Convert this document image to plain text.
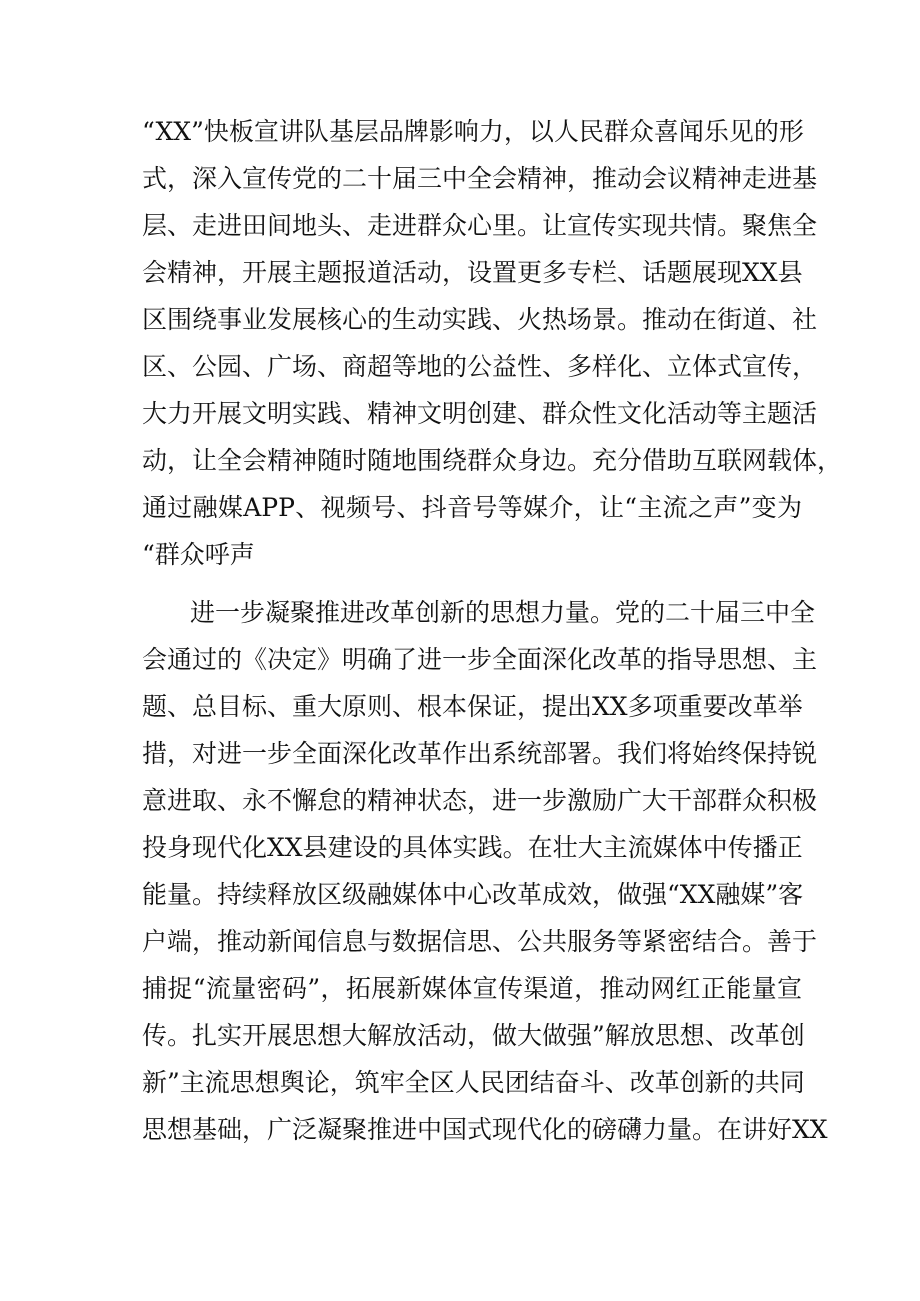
“XX”快板宣讲队基层品牌影响力，以人民群众喜闻乐见的形
式，深入宣传党的二十届三中全会精神，推动会议精神走进基
层、走进田间地头、走进群众心里。让宣传实现共情。聚焦全
会精神，开展主题报道活动，设置更多专栏、话题展现XX县
区围绕事业发展核心的生动实践、火热场景。推动在街道、社
区、公园、广场、商超等地的公益性、多样化、立体式宣传，
大力开展文明实践、精神文明创建、群众性文化活动等主题活
动，让全会精神随时随地围绕群众身边。充分借助互联网载体，
通过融媒APP、视频号、抖音号等媒介，让“主流之声”变为
“群众呼声
进一步凝聚推进改革创新的思想力量。党的二十届三中全
会通过的《决定》明确了进一步全面深化改革的指导思想、主
题、总目标、重大原则、根本保证，提出XX多项重要改革举
措，对进一步全面深化改革作出系统部署。我们将始终保持锐
意进取、永不懈怠的精神状态，进一步激励广大干部群众积极
投身现代化XX县建设的具体实践。在壮大主流媒体中传播正
能量。持续释放区级融媒体中心改革成效，做强“XX融媒”客
户端，推动新闻信息与数据信思、公共服务等紧密结合。善于
捕捉“流量密码”，拓展新媒体宣传渠道，推动网红正能量宣
传。扎实开展思想大解放活动，做大做强”解放思想、改革创
新”主流思想舆论，筑牢全区人民团结奋斗、改革创新的共同
思想基础，广泛凝聚推进中国式现代化的磅礴力量。在讲好XX
